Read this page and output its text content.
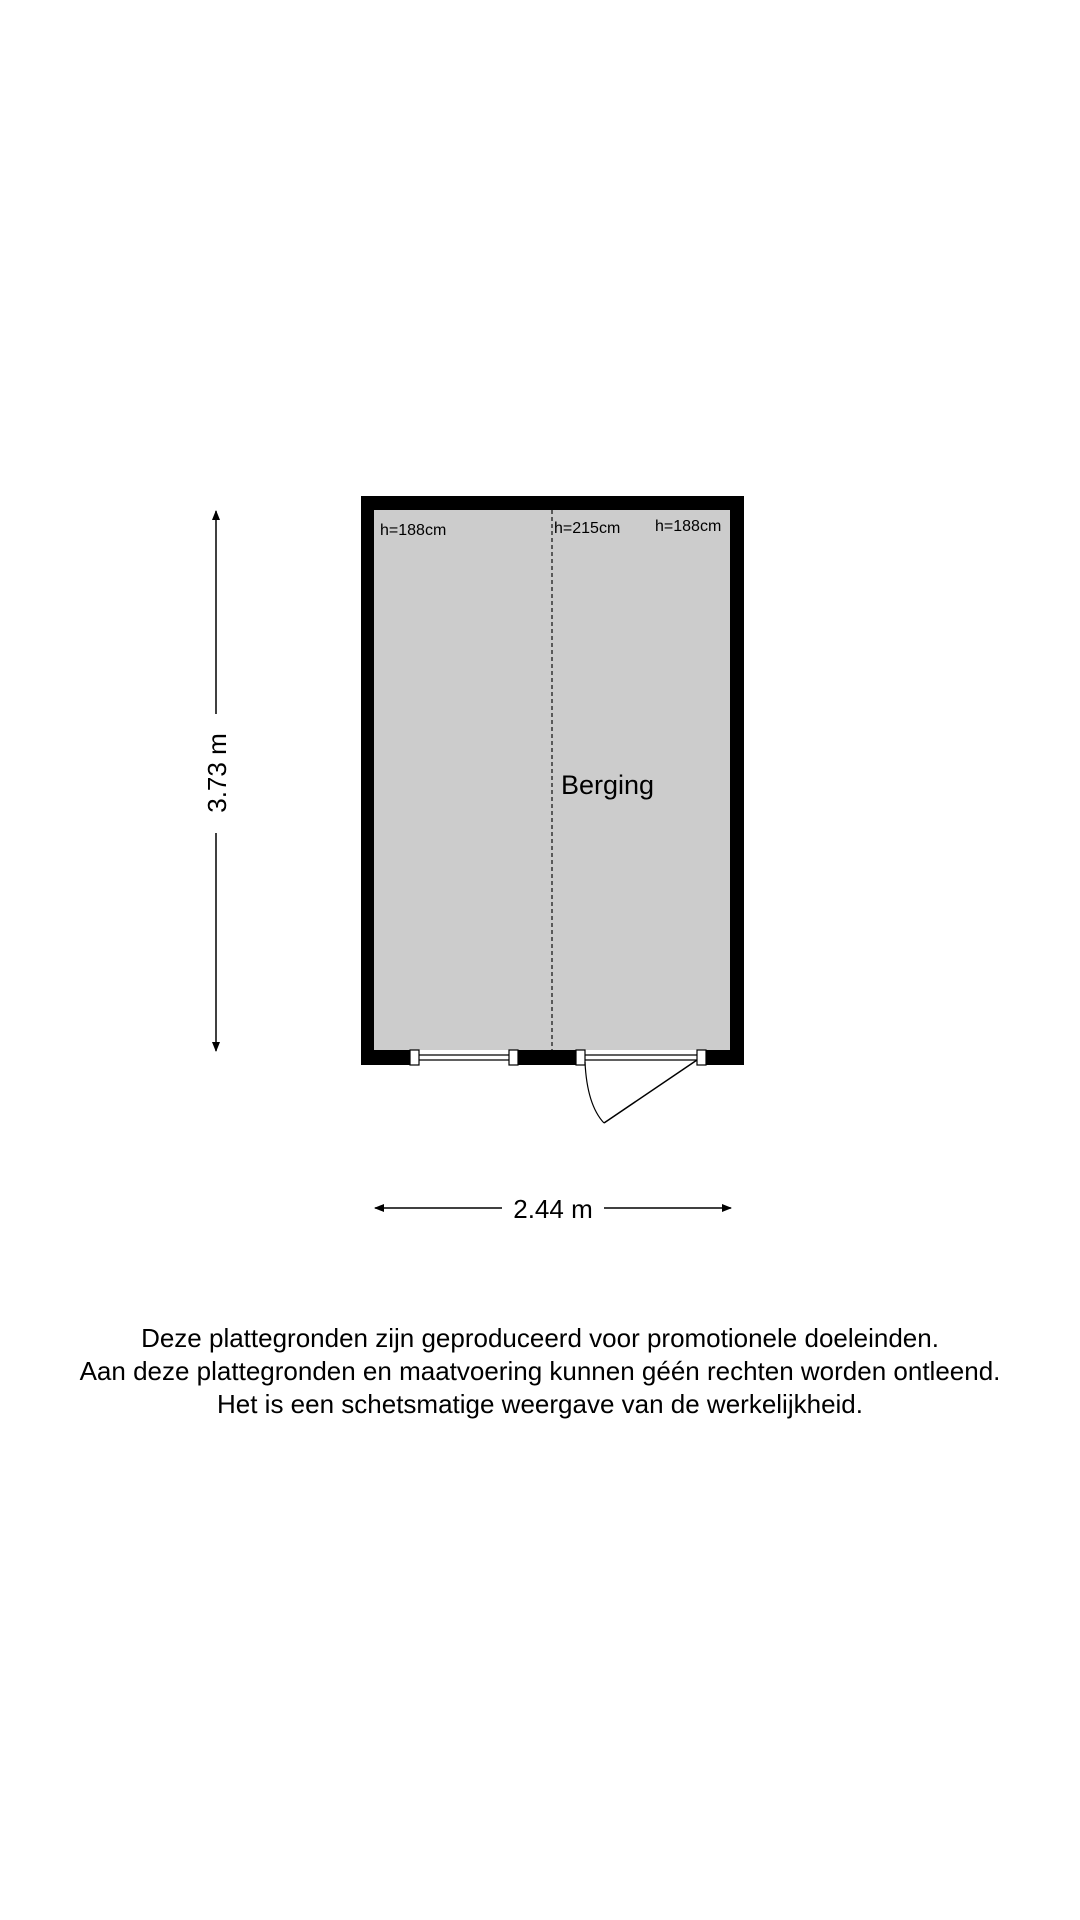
h=188cm	h=215cm h=188cm
Berging
3.73 m
2.44 m
Deze plattegronden zijn geproduceerd voor promotionele doeleinden.
Aan deze plattegronden en maatvoering kunnen géén rechten worden ontleend.
Het is een schetsmatige weergave van de werkelijkheid.
